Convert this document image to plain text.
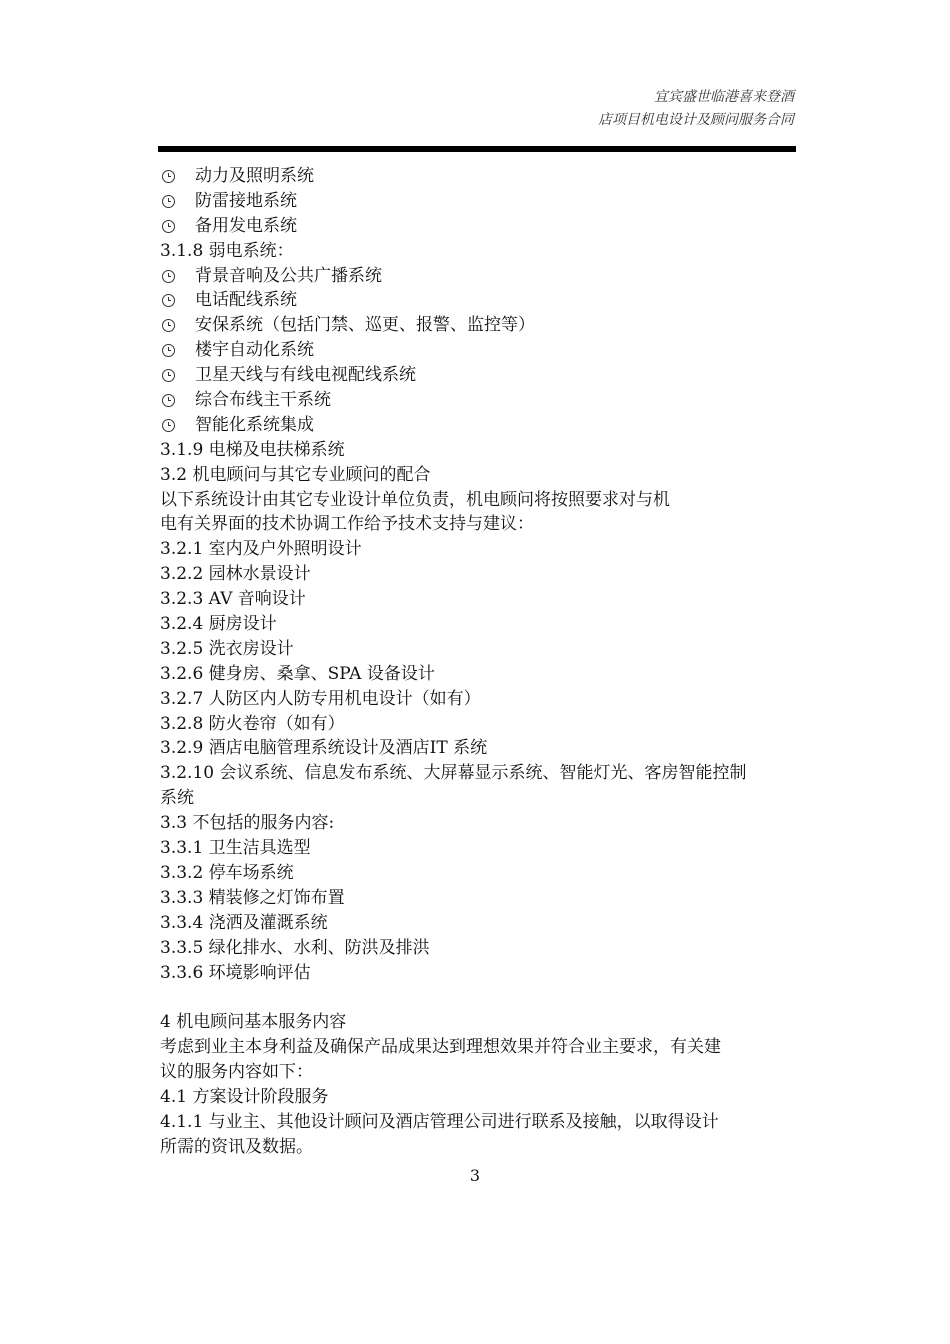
宜宾盛世临港喜来登酒
店项目机电设计及顾问服务合同
动力及照明系统
防雷接地系统
备用发电系统
3.1.8 弱电系统：
背景音响及公共广播系统
电话配线系统
安保系统（包括门禁、巡更、报警、监控等）
楼宇自动化系统
卫星天线与有线电视配线系统
综合布线主干系统
智能化系统集成
3.1.9 电梯及电扶梯系统
3.2 机电顾问与其它专业顾问的配合
以下系统设计由其它专业设计单位负责，机电顾问将按照要求对与机
电有关界面的技术协调工作给予技术支持与建议：
3.2.1 室内及户外照明设计
3.2.2 园林水景设计
3.2.3 AV 音响设计
3.2.4 厨房设计
3.2.5 洗衣房设计
3.2.6 健身房、桑拿、SPA 设备设计
3.2.7 人防区内人防专用机电设计（如有）
3.2.8 防火卷帘（如有）
3.2.9 酒店电脑管理系统设计及酒店IT 系统
3.2.10 会议系统、信息发布系统、大屏幕显示系统、智能灯光、客房智能控制
系统
3.3 不包括的服务内容:
3.3.1 卫生洁具选型
3.3.2 停车场系统
3.3.3 精装修之灯饰布置
3.3.4 浇洒及灌溉系统
3.3.5 绿化排水、水利、防洪及排洪
3.3.6 环境影响评估
4 机电顾问基本服务内容
考虑到业主本身利益及确保产品成果达到理想效果并符合业主要求，有关建
议的服务内容如下：
4.1 方案设计阶段服务
4.1.1 与业主、其他设计顾问及酒店管理公司进行联系及接触，以取得设计
所需的资讯及数据。
3
